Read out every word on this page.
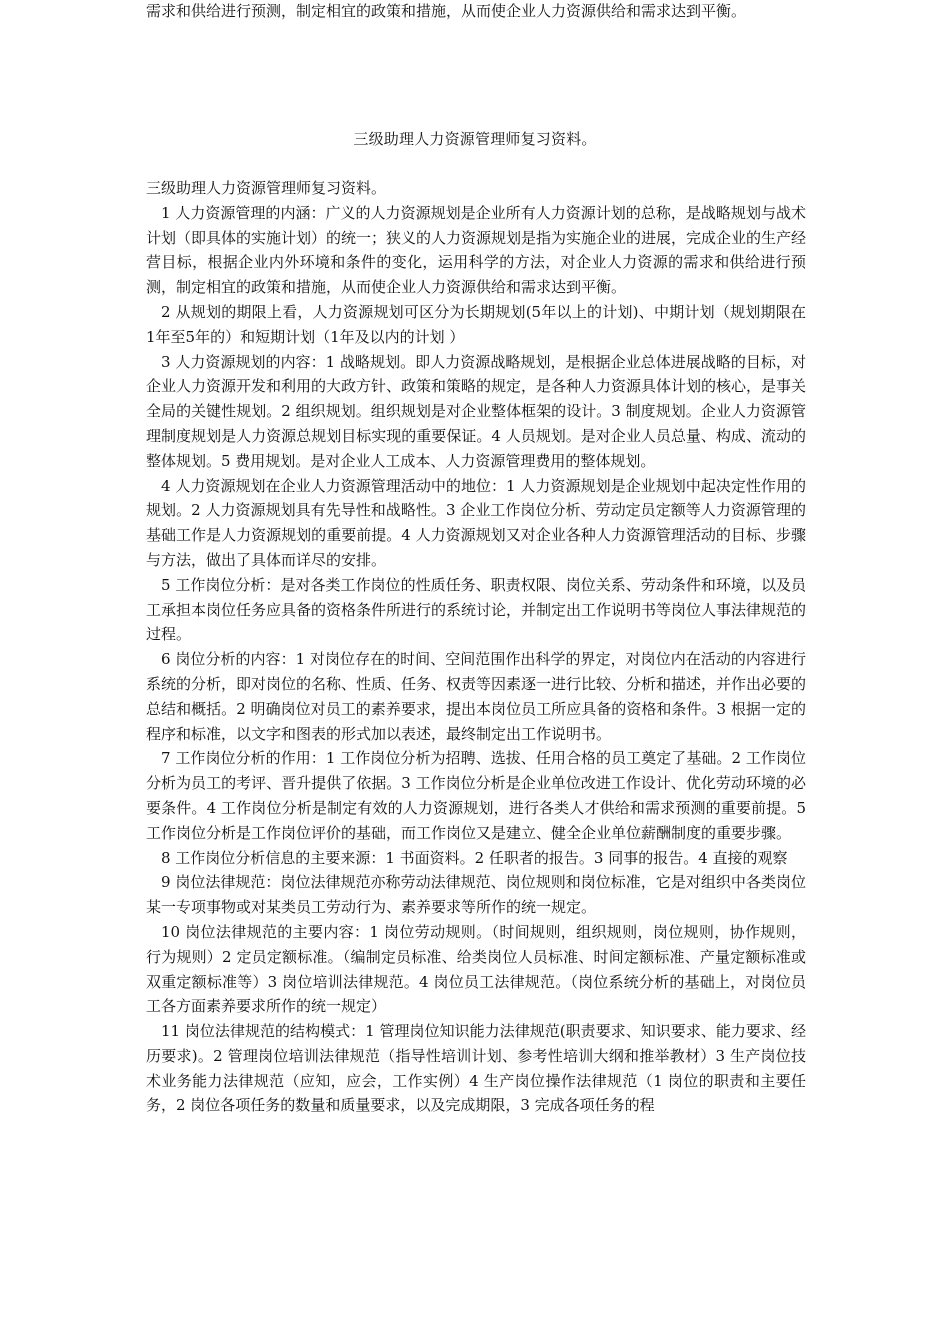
需求和供给进行预测，制定相宜的政策和措施，从而使企业人力资源供给和需求达到平衡。
三级助理人力资源管理师复习资料。

三级助理人力资源管理师复习资料。

1 人力资源管理的内涵：广义的人力资源规划是企业所有人力资源计划的总称，是战略规划与战术计划（即具体的实施计划）的统一；狭义的人力资源规划是指为实施企业的进展，完成企业的生产经营目标，根据企业内外环境和条件的变化，运用科学的方法，对企业人力资源的需求和供给进行预测，制定相宜的政策和措施，从而使企业人力资源供给和需求达到平衡。

2 从规划的期限上看，人力资源规划可区分为长期规划(5年以上的计划)、中期计划（规划期限在1年至5年的）和短期计划（1年及以内的计划 ）

3 人力资源规划的内容：1 战略规划。即人力资源战略规划，是根据企业总体进展战略的目标，对企业人力资源开发和利用的大政方针、政策和策略的规定，是各种人力资源具体计划的核心，是事关全局的关键性规划。2 组织规划。组织规划是对企业整体框架的设计。3 制度规划。企业人力资源管理制度规划是人力资源总规划目标实现的重要保证。4 人员规划。是对企业人员总量、构成、流动的整体规划。5 费用规划。是对企业人工成本、人力资源管理费用的整体规划。

4 人力资源规划在企业人力资源管理活动中的地位：1 人力资源规划是企业规划中起决定性作用的规划。2 人力资源规划具有先导性和战略性。3 企业工作岗位分析、劳动定员定额等人力资源管理的基础工作是人力资源规划的重要前提。4 人力资源规划又对企业各种人力资源管理活动的目标、步骤与方法，做出了具体而详尽的安排。

5 工作岗位分析：是对各类工作岗位的性质任务、职责权限、岗位关系、劳动条件和环境，以及员工承担本岗位任务应具备的资格条件所进行的系统讨论，并制定出工作说明书等岗位人事法律规范的过程。

6 岗位分析的内容：1 对岗位存在的时间、空间范围作出科学的界定，对岗位内在活动的内容进行系统的分析，即对岗位的名称、性质、任务、权责等因素逐一进行比较、分析和描述，并作出必要的总结和概括。2 明确岗位对员工的素养要求，提出本岗位员工所应具备的资格和条件。3 根据一定的程序和标准，以文字和图表的形式加以表述，最终制定出工作说明书。

7 工作岗位分析的作用：1 工作岗位分析为招聘、选拔、任用合格的员工奠定了基础。2 工作岗位分析为员工的考评、晋升提供了依据。3 工作岗位分析是企业单位改进工作设计、优化劳动环境的必要条件。4 工作岗位分析是制定有效的人力资源规划，进行各类人才供给和需求预测的重要前提。5 工作岗位分析是工作岗位评价的基础，而工作岗位又是建立、健全企业单位薪酬制度的重要步骤。

8 工作岗位分析信息的主要来源：1 书面资料。2 任职者的报告。3 同事的报告。4 直接的观察

9 岗位法律规范：岗位法律规范亦称劳动法律规范、岗位规则和岗位标准，它是对组织中各类岗位某一专项事物或对某类员工劳动行为、素养要求等所作的统一规定。

10 岗位法律规范的主要内容：1 岗位劳动规则。（时间规则，组织规则，岗位规则，协作规则，行为规则）2 定员定额标准。（编制定员标准、给类岗位人员标准、时间定额标准、产量定额标准或双重定额标准等）3 岗位培训法律规范。4 岗位员工法律规范。（岗位系统分析的基础上，对岗位员工各方面素养要求所作的统一规定）

11 岗位法律规范的结构模式：1 管理岗位知识能力法律规范(职责要求、知识要求、能力要求、经历要求)。2 管理岗位培训法律规范（指导性培训计划、参考性培训大纲和推举教材）3 生产岗位技术业务能力法律规范（应知，应会，工作实例）4 生产岗位操作法律规范（1 岗位的职责和主要任务，2 岗位各项任务的数量和质量要求，以及完成期限，3 完成各项任务的程
